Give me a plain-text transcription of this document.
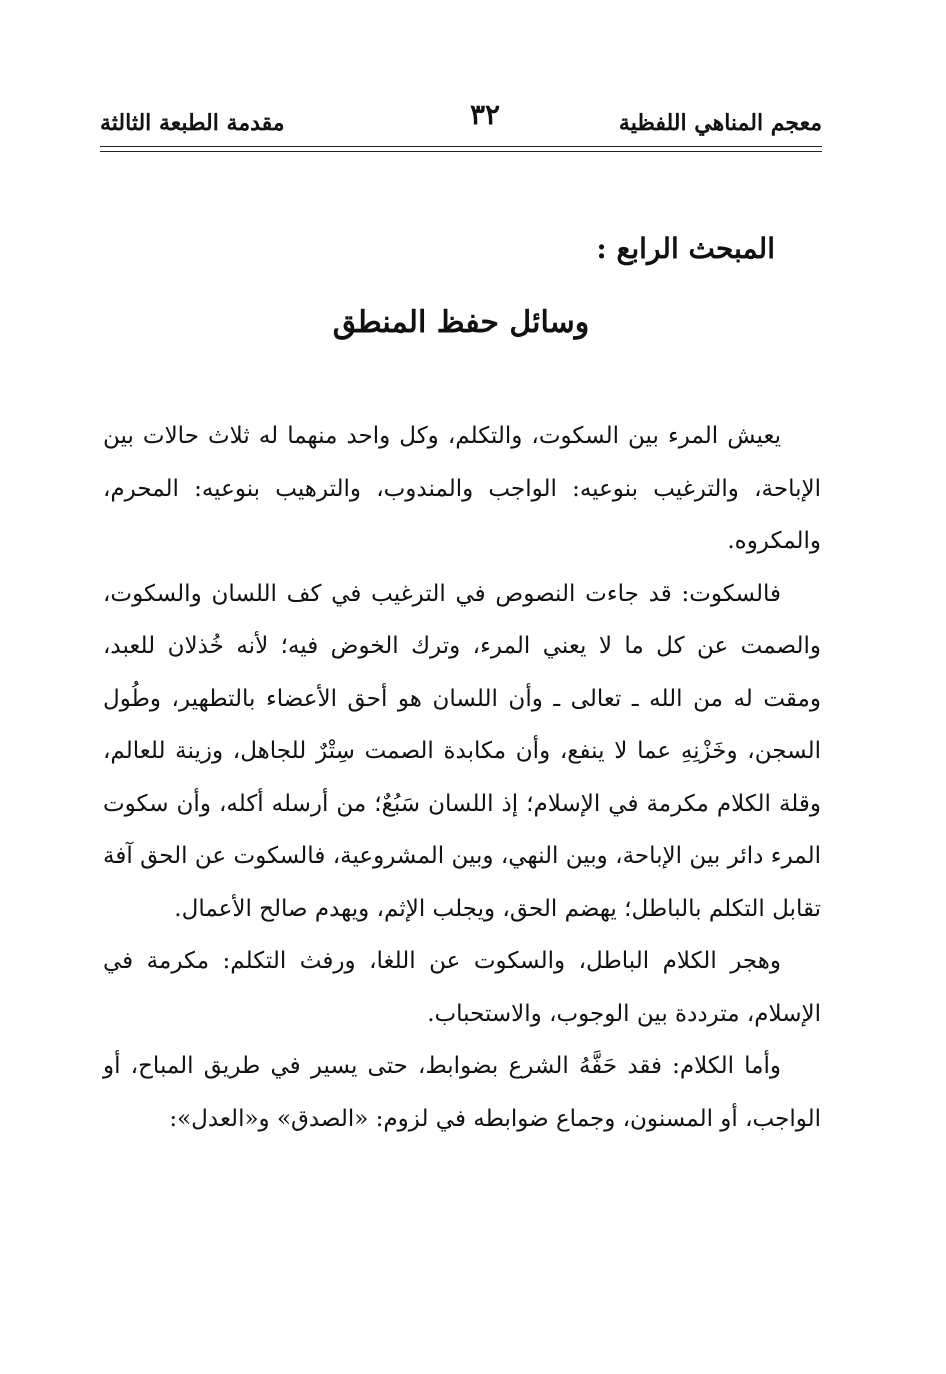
معجم المناهي اللفظية
٣٢
مقدمة الطبعة الثالثة
المبحث الرابع :
وسائل حفظ المنطق

يعيش المرء بين السكوت، والتكلم، وكل واحد منهما له ثلاث حالات بين الإباحة، والترغيب بنوعيه: الواجب والمندوب، والترهيب بنوعيه: المحرم، والمكروه.

فالسكوت: قد جاءت النصوص في الترغيب في كف اللسان والسكوت، والصمت عن كل ما لا يعني المرء، وترك الخوض فيه؛ لأنه خُذلان للعبد، ومقت له من الله ـ تعالى ـ وأن اللسان هو أحق الأعضاء بالتطهير، وطُول السجن، وخَزْنِهِ عما لا ينفع، وأن مكابدة الصمت سِتْرٌ للجاهل، وزينة للعالم، وقلة الكلام مكرمة في الإسلام؛ إذ اللسان سَبُعٌ؛ من أرسله أكله، وأن سكوت المرء دائر بين الإباحة، وبين النهي، وبين المشروعية، فالسكوت عن الحق آفة تقابل التكلم بالباطل؛ يهضم الحق، ويجلب الإثم، ويهدم صالح الأعمال.

وهجر الكلام الباطل، والسكوت عن اللغا، ورفث التكلم: مكرمة في الإسلام، مترددة بين الوجوب، والاستحباب.

وأما الكلام: فقد حَفَّهُ الشرع بضوابط، حتى يسير في طريق المباح، أو الواجب، أو المسنون، وجماع ضوابطه في لزوم: «الصدق» و«العدل»:
